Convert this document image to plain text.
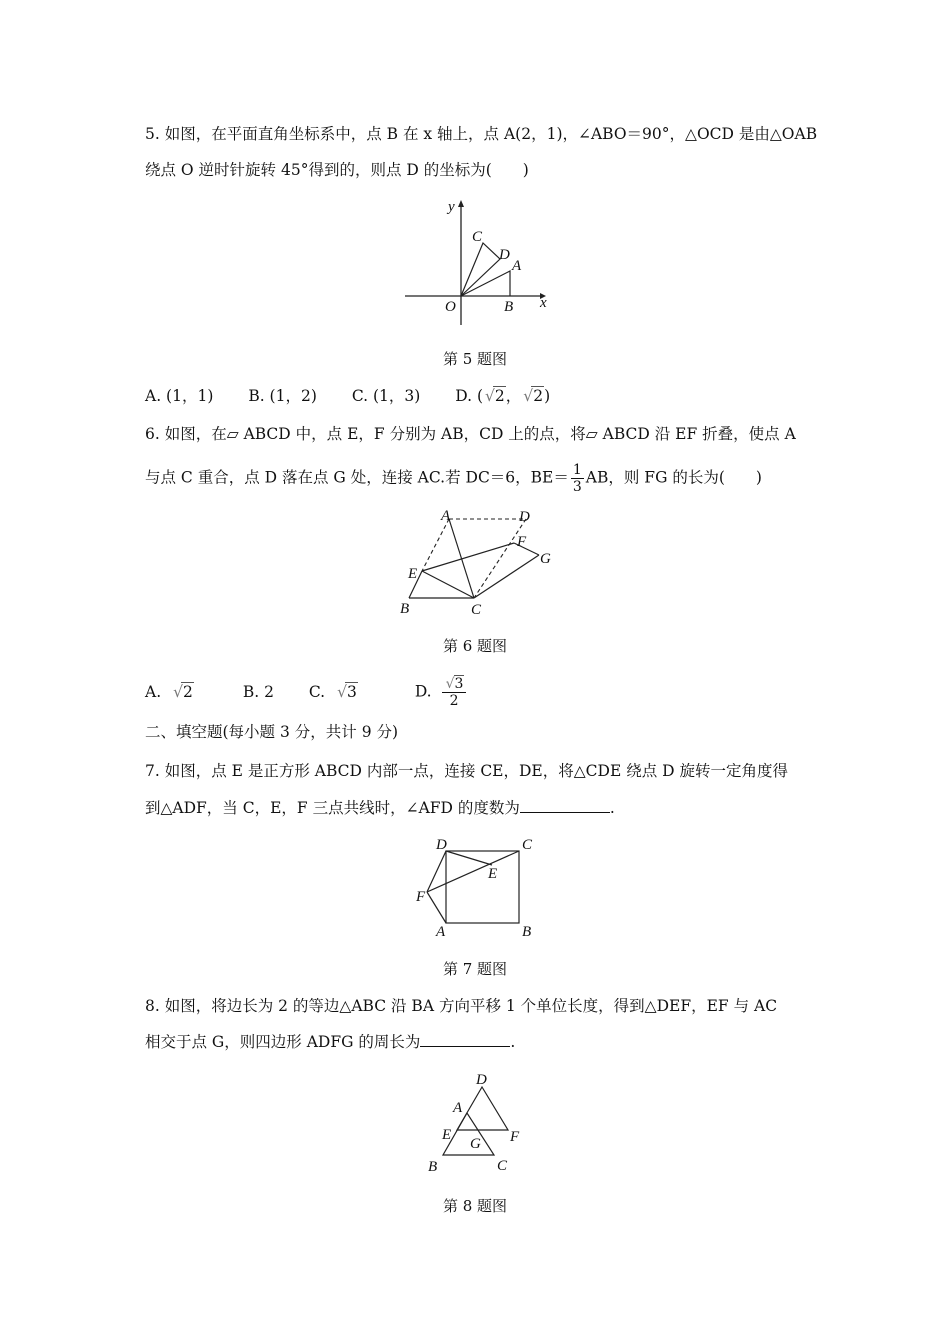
5. 如图，在平面直角坐标系中，点 B 在 x 轴上，点 A(2，1)，∠ABO＝90°，△OCD 是由△OAB
绕点 O 逆时针旋转 45°得到的，则点 D 的坐标为(　　)
y
x
O	B
A
C
D
第 5 题图
A. (1，1) B. (1，2) C. (1，3) D. ( √ 2， √ 2)
6. 如图，在▱ ABCD 中，点 E，F 分别为 AB，CD 上的点，将▱ ABCD 沿 EF 折叠，使点 A
与点 C 重合，点 D 落在点 G 处，连接 AC.若 DC＝6，$BE= \frac{1}{3}$ AB，则 FG 的长为(　　)
A	D
F
G
E
B	C
第 6 题图
A. √ 2	B. 2 C. √ 3	D. √ $\frac{3}{2}$
二、填空题(每小题 3 分，共计 9 分)
7. 如图，点 E 是正方形 ABCD 内部一点，连接 CE，DE，将△CDE 绕点 D 旋转一定角度得
到△ADF，当 C，E，F 三点共线时，∠AFD 的度数为	.
D	C
E
F
A	B
第 7 题图
8. 如图，将边长为 2 的等边△ABC 沿 BA 方向平移 1 个单位长度，得到△DEF，EF 与 AC
相交于点 G，则四边形 ADFG 的周长为	.
D
A
E
G F
B	C
第 8 题图
